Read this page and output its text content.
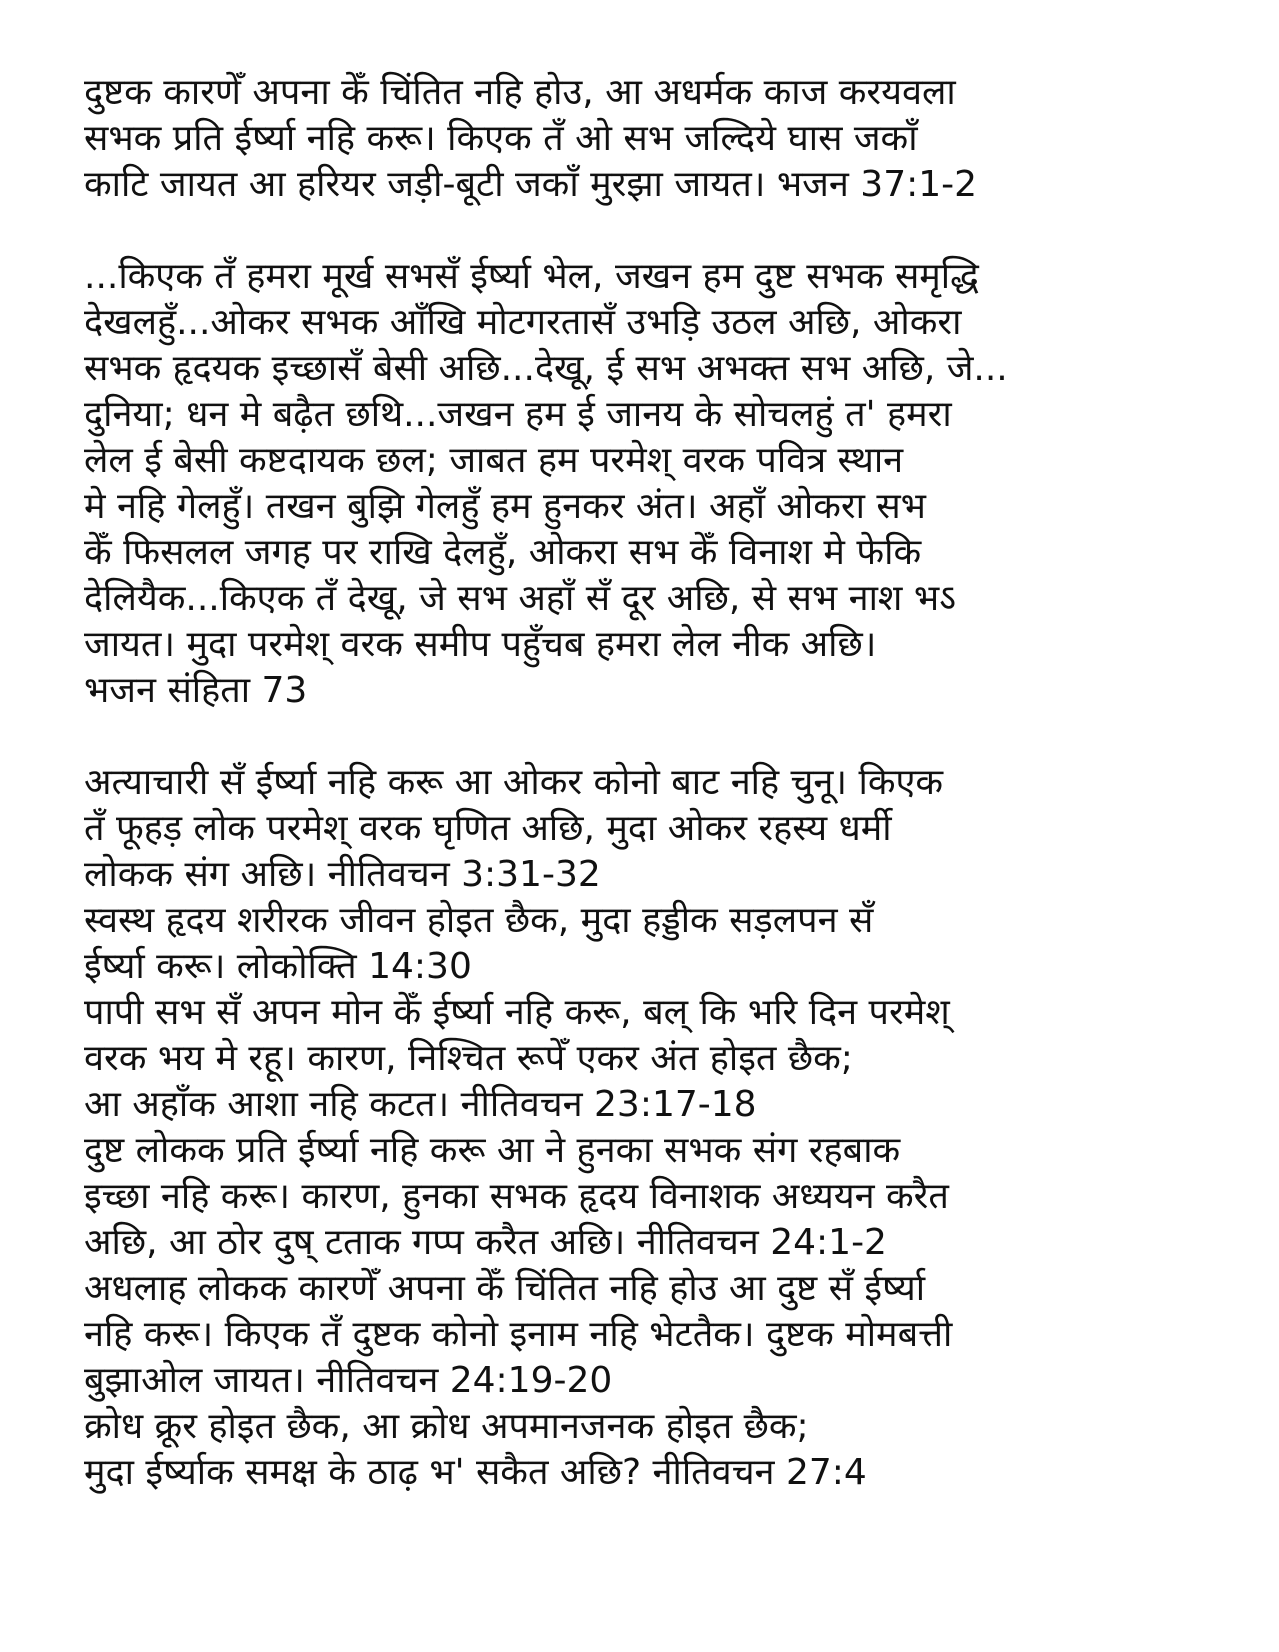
दुष्टक कारणेँ अपना केँ चिंतित नहि होउ, आ अधर्मक काज करयवला
सभक प्रति ईर्ष्या नहि करू। किएक तँ ओ सभ जल्दिये घास जकाँ
काटि जायत आ हरियर जड़ी-बूटी जकाँ मुरझा जायत। भजन 37:1-2

...किएक तँ हमरा मूर्ख सभसँ ईर्ष्या भेल, जखन हम दुष्ट सभक समृद्धि
देखलहुँ...ओकर सभक आँखि मोटगरतासँ उभड़ि उठल अछि, ओकरा
सभक हृदयक इच्छासँ बेसी अछि...देखू, ई सभ अभक्त सभ अछि, जे...
दुनिया; धन मे बढ़ैत छथि...जखन हम ई जानय के सोचलहुं त' हमरा
लेल ई बेसी कष्टदायक छल; जाबत हम परमेश् वरक पवित्र स्थान
मे नहि गेलहुँ। तखन बुझि गेलहुँ हम हुनकर अंत। अहाँ ओकरा सभ
केँ फिसलल जगह पर राखि देलहुँ, ओकरा सभ केँ विनाश मे फेकि
देलियैक...किएक तँ देखू, जे सभ अहाँ सँ दूर अछि, से सभ नाश भऽ
जायत। मुदा परमेश् वरक समीप पहुँचब हमरा लेल नीक अछि।
भजन संहिता 73

अत्याचारी सँ ईर्ष्या नहि करू आ ओकर कोनो बाट नहि चुनू। किएक
तँ फूहड़ लोक परमेश् वरक घृणित अछि, मुदा ओकर रहस्य धर्मी
लोकक संग अछि। नीतिवचन 3:31-32
स्वस्थ हृदय शरीरक जीवन होइत छैक, मुदा हड्डीक सड़लपन सँ
ईर्ष्या करू। लोकोक्ति 14:30
पापी सभ सँ अपन मोन केँ ईर्ष्या नहि करू, बल् कि भरि दिन परमेश्
वरक भय मे रहू। कारण, निश्चित रूपेँ एकर अंत होइत छैक;
आ अहाँक आशा नहि कटत। नीतिवचन 23:17-18
दुष्ट लोकक प्रति ईर्ष्या नहि करू आ ने हुनका सभक संग रहबाक
इच्छा नहि करू। कारण, हुनका सभक हृदय विनाशक अध्ययन करैत
अछि, आ ठोर दुष् टताक गप्प करैत अछि। नीतिवचन 24:1-2
अधलाह लोकक कारणेँ अपना केँ चिंतित नहि होउ आ दुष्ट सँ ईर्ष्या
नहि करू। किएक तँ दुष्टक कोनो इनाम नहि भेटतैक। दुष्टक मोमबत्ती
बुझाओल जायत। नीतिवचन 24:19-20
क्रोध क्रूर होइत छैक, आ क्रोध अपमानजनक होइत छैक;
मुदा ईर्ष्याक समक्ष के ठाढ़ भ' सकैत अछि? नीतिवचन 27:4
